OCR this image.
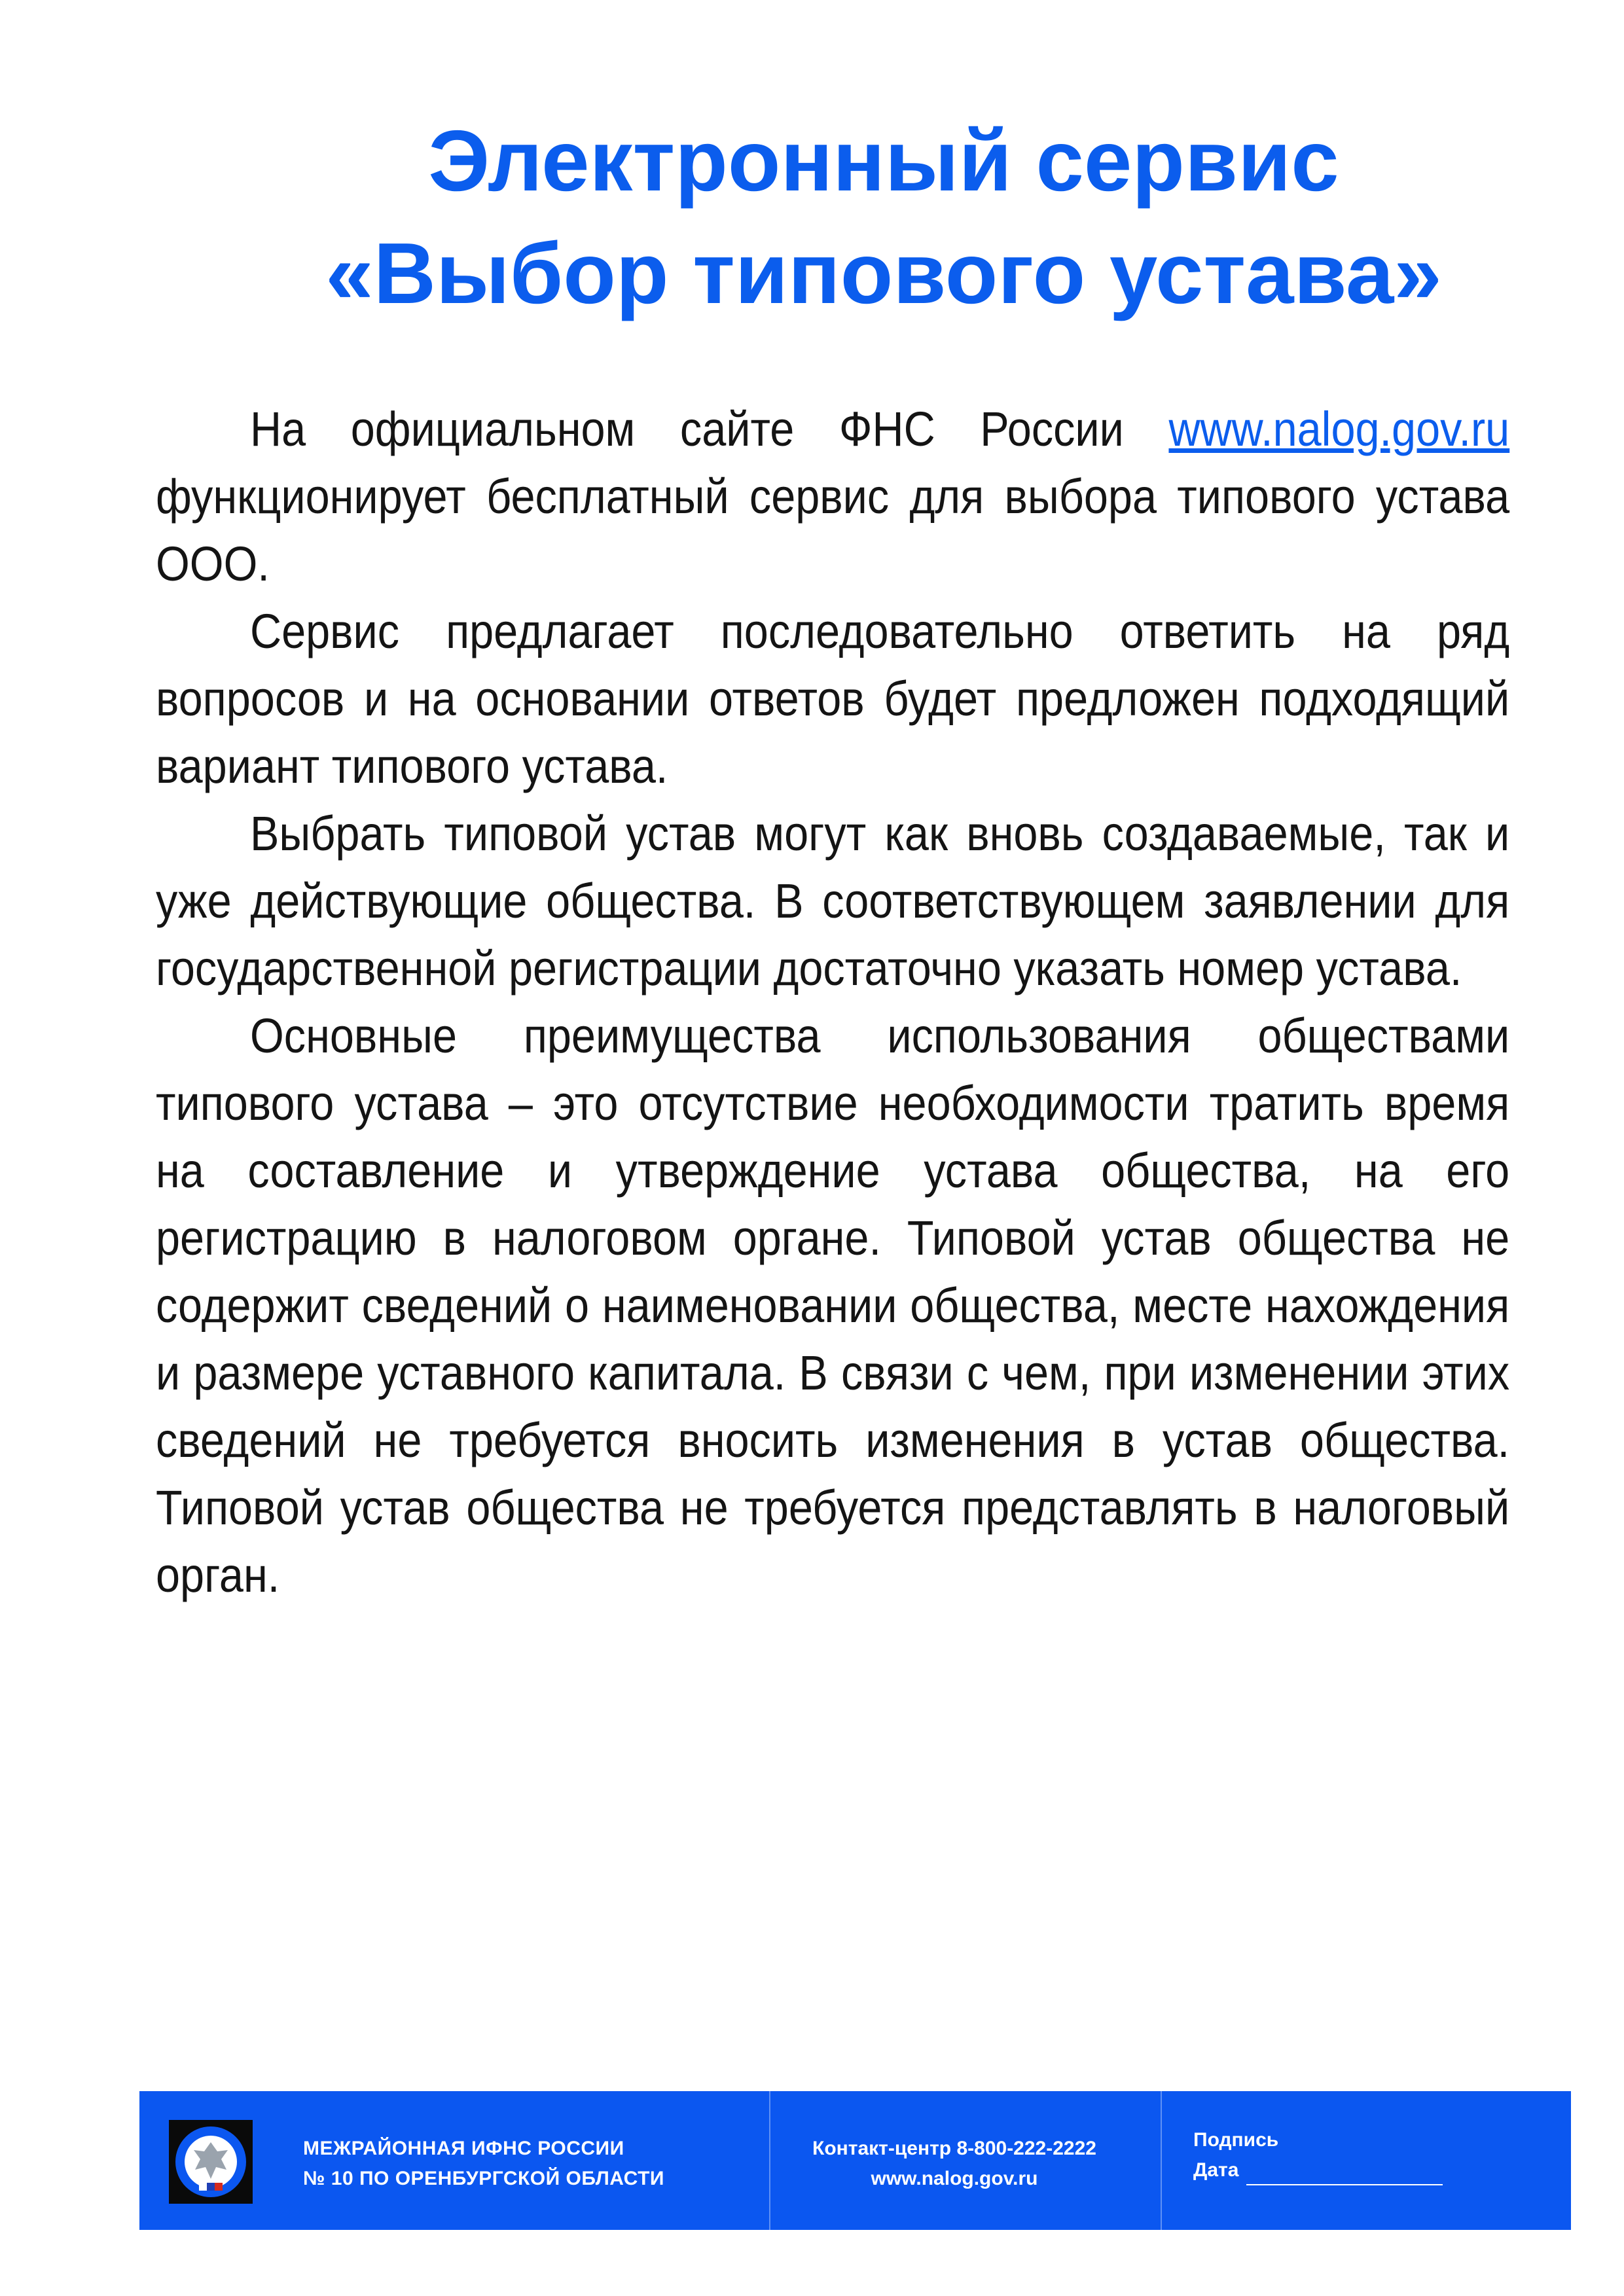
Электронный сервис
«Выбор типового устава»

На официальном сайте ФНС России www.nalog.gov.ru функционирует бесплатный сервис для выбора типового устава ООО.

Сервис предлагает последовательно ответить на ряд вопросов и на основании ответов будет предложен подходящий вариант типового устава.

Выбрать типовой устав могут как вновь создаваемые, так и уже действующие общества. В соответствующем заявлении для государственной регистрации достаточно указать номер устава.

Основные преимущества использования обществами типового устава – это отсутствие необходимости тратить время на составление и утверждение устава общества, на его регистрацию в налоговом органе. Типовой устав общества не содержит сведений о наименовании общества, месте нахождения и размере уставного капитала. В связи с чем, при изменении этих сведений не требуется вносить изменения в устав общества. Типовой устав общества не требуется представлять в налоговый орган.

МЕЖРАЙОННАЯ ИФНС РОССИИ
№ 10 ПО ОРЕНБУРГСКОЙ ОБЛАСТИ
Контакт-центр 8-800-222-2222
www.nalog.gov.ru
Подпись
Дата
